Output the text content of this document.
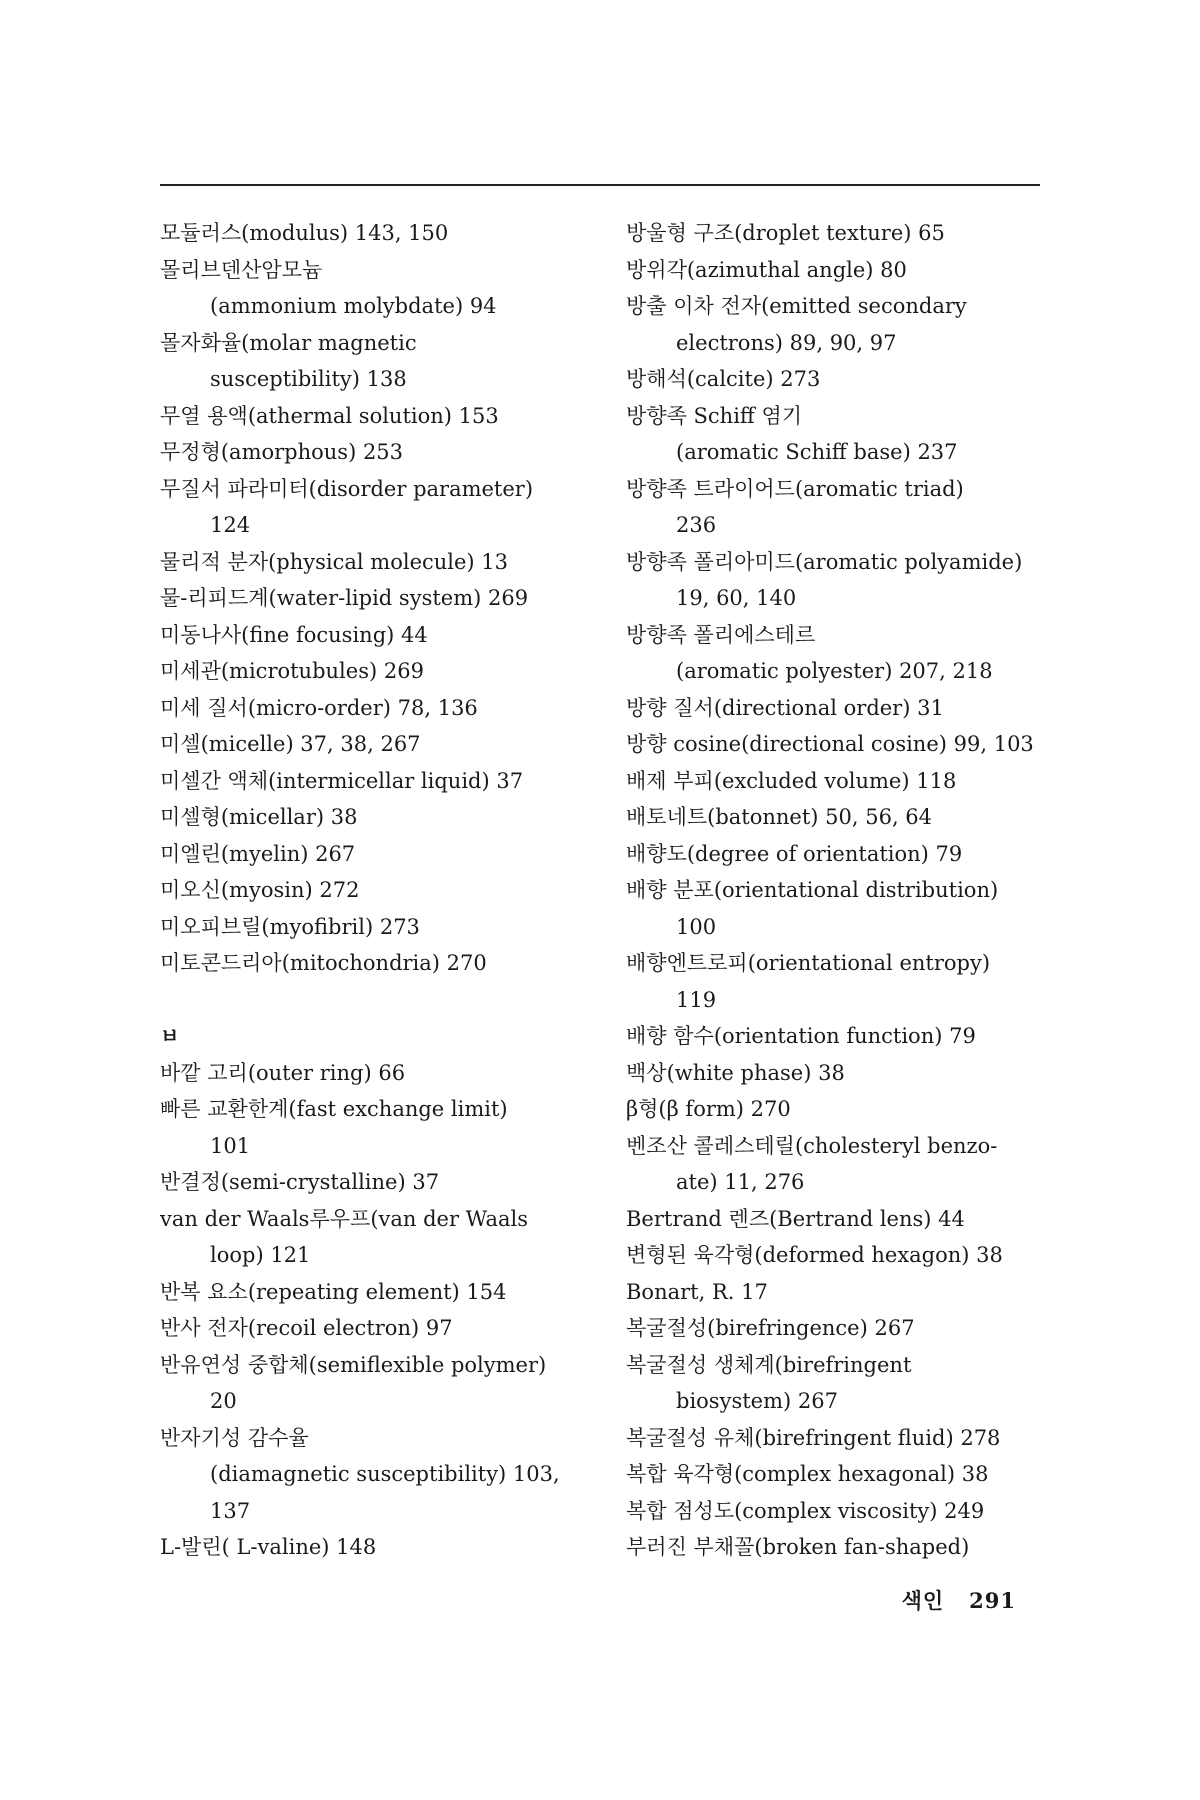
모듈러스(modulus) 143, 150
몰리브덴산암모늄
(ammonium molybdate) 94
몰자화율(molar magnetic
susceptibility) 138
무열 용액(athermal solution) 153
무정형(amorphous) 253
무질서 파라미터(disorder parameter)
124
물리적 분자(physical molecule) 13
물-리피드계(water-lipid system) 269
미동나사(fine focusing) 44
미세관(microtubules) 269
미세 질서(micro-order) 78, 136
미셀(micelle) 37, 38, 267
미셀간 액체(intermicellar liquid) 37
미셀형(micellar) 38
미엘린(myelin) 267
미오신(myosin) 272
미오피브릴(myofibril) 273
미토콘드리아(mitochondria) 270
ㅂ
바깥 고리(outer ring) 66
빠른 교환한계(fast exchange limit)
101
반결정(semi-crystalline) 37
van der Waals루우프(van der Waals
loop) 121
반복 요소(repeating element) 154
반사 전자(recoil electron) 97
반유연성 중합체(semiflexible polymer)
20
반자기성 감수율
(diamagnetic susceptibility) 103,
137
L-발린( L-valine) 148
방울형 구조(droplet texture) 65
방위각(azimuthal angle) 80
방출 이차 전자(emitted secondary
electrons) 89, 90, 97
방해석(calcite) 273
방향족 Schiff 염기
(aromatic Schiff base) 237
방향족 트라이어드(aromatic triad)
236
방향족 폴리아미드(aromatic polyamide)
19, 60, 140
방향족 폴리에스테르
(aromatic polyester) 207, 218
방향 질서(directional order) 31
방향 cosine(directional cosine) 99, 103
배제 부피(excluded volume) 118
배토네트(batonnet) 50, 56, 64
배향도(degree of orientation) 79
배향 분포(orientational distribution)
100
배향엔트로피(orientational entropy)
119
배향 함수(orientation function) 79
백상(white phase) 38
β형(β form) 270
벤조산 콜레스테릴(cholesteryl benzo-
ate) 11, 276
Bertrand 렌즈(Bertrand lens) 44
변형된 육각형(deformed hexagon) 38
Bonart, R. 17
복굴절성(birefringence) 267
복굴절성 생체계(birefringent
biosystem) 267
복굴절성 유체(birefringent fluid) 278
복합 육각형(complex hexagonal) 38
복합 점성도(complex viscosity) 249
부러진 부채꼴(broken fan-shaped)
색인 291
